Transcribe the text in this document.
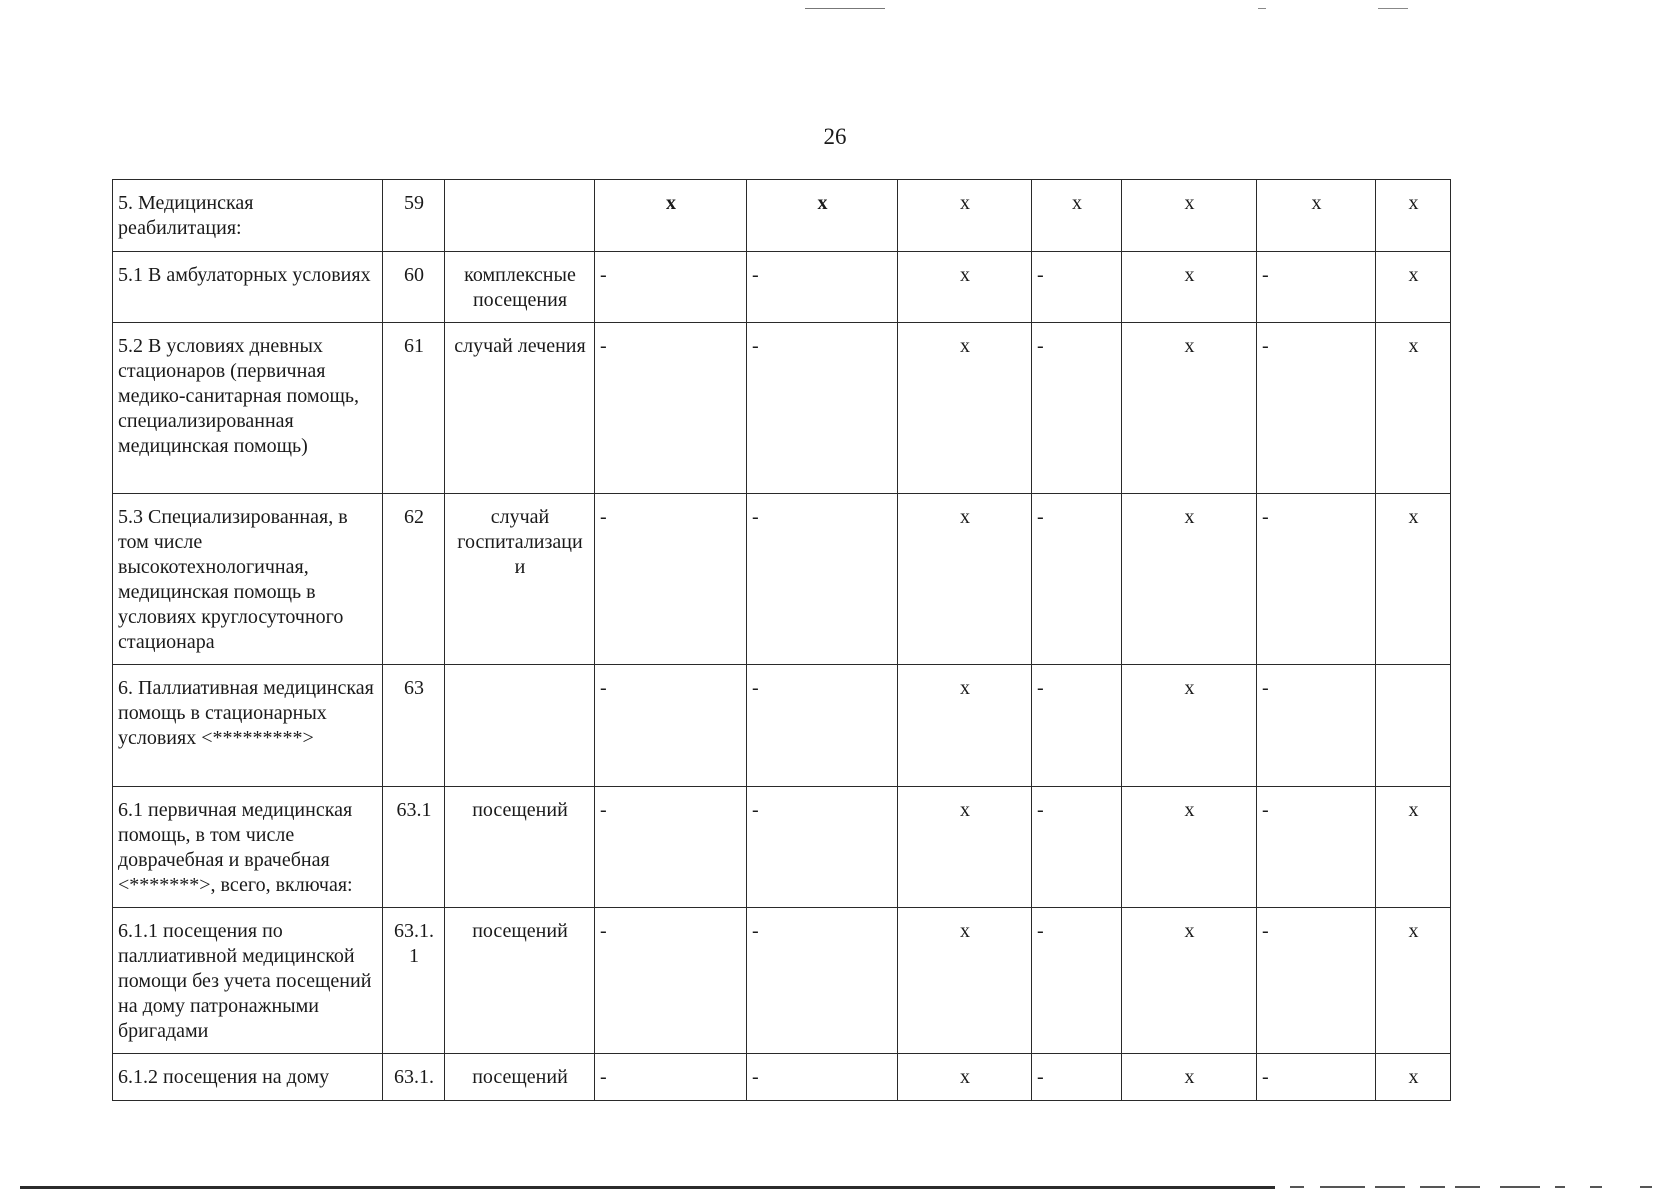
26
5. Медицинская реабилитация:	59		х	х	х	х	х	х	х
5.1 В амбулаторных условиях	60	комплексные посещения	-	-	х	-	х	-	х
5.2 В условиях дневных стационаров (первичная медико-санитарная помощь, специализированная медицинская помощь)	61	случай лечения	-	-	х	-	х	-	х
5.3 Специализированная, в том числе высокотехнологичная, медицинская помощь в условиях круглосуточного стационара	62	случай госпитализаци и	-	-	х	-	х	-	х
6. Паллиативная медицинская помощь в стационарных условиях <*********>	63		-	-	х	-	х	-	
6.1 первичная медицинская помощь, в том числе доврачебная и врачебная <*******>, всего, включая:	63.1	посещений	-	-	х	-	х	-	х
6.1.1 посещения по паллиативной медицинской помощи без учета посещений на дому патронажными бригадами	63.1. 1	посещений	-	-	х	-	х	-	х
6.1.2 посещения на дому	63.1.	посещений	-	-	х	-	х	-	х
